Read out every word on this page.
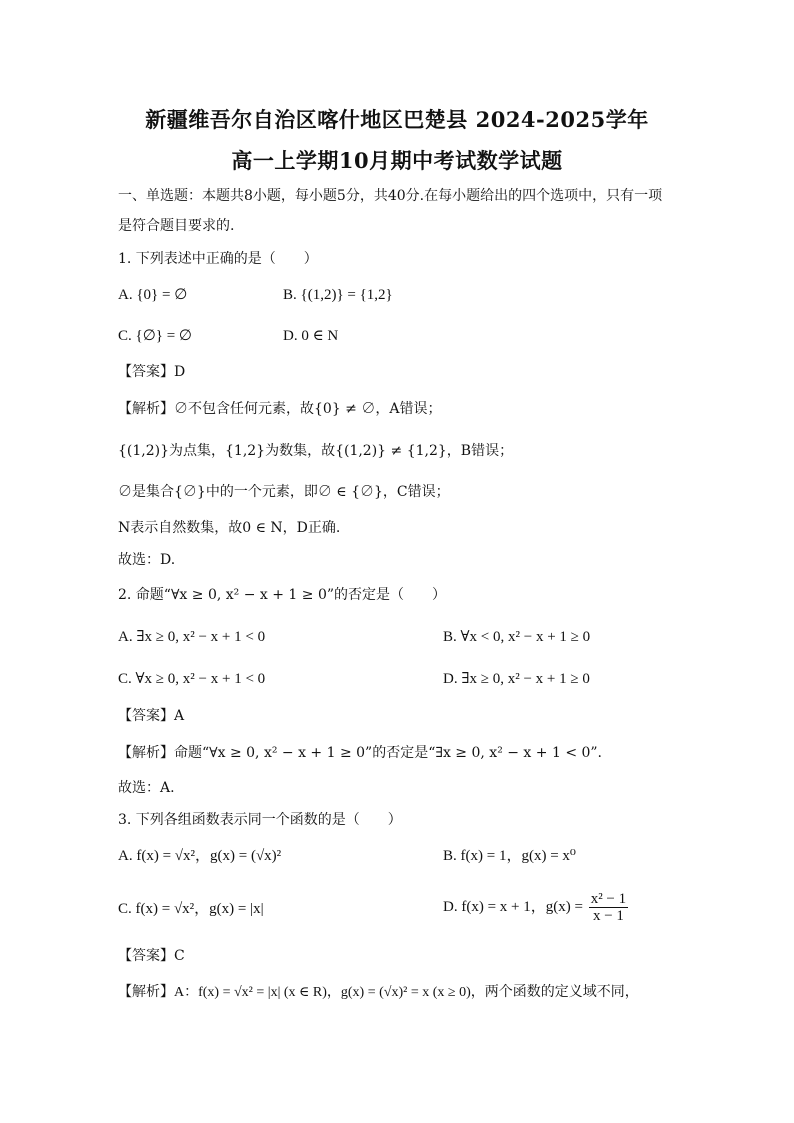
新疆维吾尔自治区喀什地区巴楚县 2024-2025学年
高一上学期10月期中考试数学试题
一、单选题：本题共8小题，每小题5分，共40分.在每小题给出的四个选项中，只有一项
是符合题目要求的.
1. 下列表述中正确的是（　　）
A. {0} = ∅	B. {(1,2)} = {1,2}
C. {∅} = ∅	D. 0 ∈ N
【答案】D
【解析】∅不包含任何元素，故{0} ≠ ∅，A错误；
{(1,2)}为点集，{1,2}为数集，故{(1,2)} ≠ {1,2}，B错误；
∅是集合{∅}中的一个元素，即∅ ∈ {∅}，C错误；
N表示自然数集，故0 ∈ N，D正确.
故选：D.
2. 命题“∀x ≥ 0, x² − x + 1 ≥ 0”的否定是（　　）
A. ∃x ≥ 0, x² − x + 1 < 0	B. ∀x < 0, x² − x + 1 ≥ 0
C. ∀x ≥ 0, x² − x + 1 < 0	D. ∃x ≥ 0, x² − x + 1 ≥ 0
【答案】A
【解析】命题“∀x ≥ 0, x² − x + 1 ≥ 0”的否定是“∃x ≥ 0, x² − x + 1 < 0”.
故选：A.
3. 下列各组函数表示同一个函数的是（　　）
A. f(x) = √x²，g(x) = (√x)²	B. f(x) = 1，g(x) = x⁰
C. f(x) = √x²，g(x) = |x|	D. f(x) = x + 1，$g(x) = \frac{\text{x² − 1}}{x - 1}$
【答案】C
【解析】A：f(x) = √x² = |x| (x ∈ R)，g(x) = (√x)² = x (x ≥ 0)，两个函数的定义域不同，
